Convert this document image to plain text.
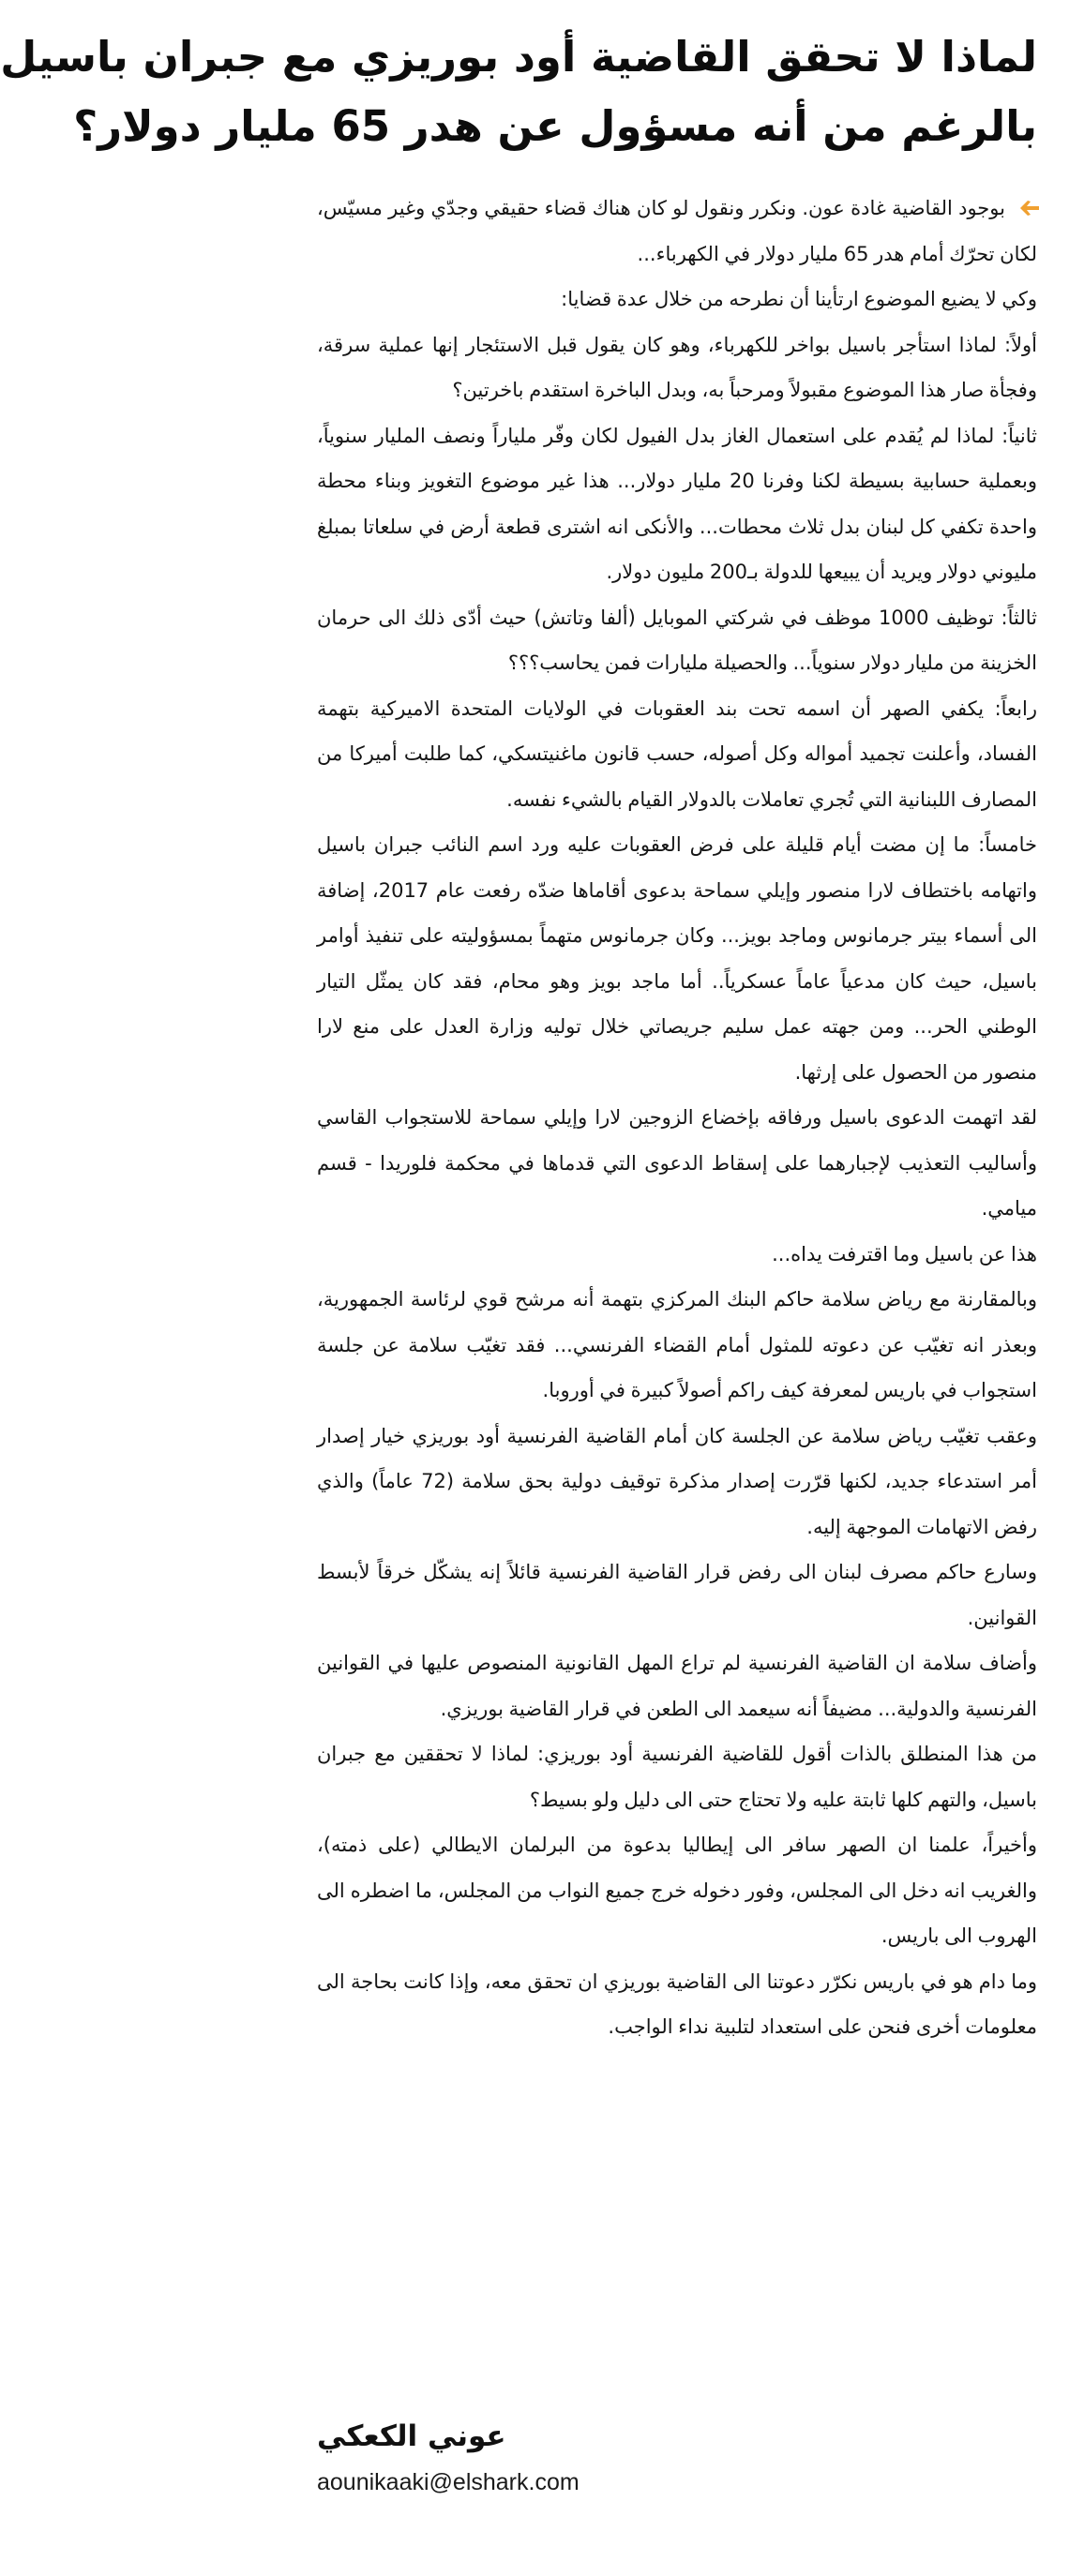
لماذا لا تحقق القاضية أود بوريزي مع جبران باسيل
بالرغم من أنه مسؤول عن هدر 65 مليار دولار؟

بوجود القاضية غادة عون. ونكرر ونقول لو كان هناك قضاء حقيقي وجدّي وغير مسيّس، لكان تحرّك أمام هدر 65 مليار دولار في الكهرباء...

وكي لا يضيع الموضوع ارتأينا أن نطرحه من خلال عدة قضايا:

أولاً: لماذا استأجر باسيل بواخر للكهرباء، وهو كان يقول قبل الاستئجار إنها عملية سرقة، وفجأة صار هذا الموضوع مقبولاً ومرحباً به، وبدل الباخرة استقدم باخرتين؟

ثانياً: لماذا لم يُقدم على استعمال الغاز بدل الفيول لكان وفّر ملياراً ونصف المليار سنوياً، وبعملية حسابية بسيطة لكنا وفرنا 20 مليار دولار... هذا غير موضوع التغويز وبناء محطة واحدة تكفي كل لبنان بدل ثلاث محطات... والأنكى انه اشترى قطعة أرض في سلعاتا بمبلغ مليوني دولار ويريد أن يبيعها للدولة بـ200 مليون دولار.

ثالثاً: توظيف 1000 موظف في شركتي الموبايل (ألفا وتاتش) حيث أدّى ذلك الى حرمان الخزينة من مليار دولار سنوياً... والحصيلة مليارات فمن يحاسب؟؟؟

رابعاً: يكفي الصهر أن اسمه تحت بند العقوبات في الولايات المتحدة الاميركية بتهمة الفساد، وأعلنت تجميد أمواله وكل أصوله، حسب قانون ماغنيتسكي، كما طلبت أميركا من المصارف اللبنانية التي تُجري تعاملات بالدولار القيام بالشيء نفسه.

خامساً: ما إن مضت أيام قليلة على فرض العقوبات عليه ورد اسم النائب جبران باسيل واتهامه باختطاف لارا منصور وإيلي سماحة بدعوى أقاماها ضدّه رفعت عام 2017، إضافة الى أسماء بيتر جرمانوس وماجد بويز... وكان جرمانوس متهماً بمسؤوليته على تنفيذ أوامر باسيل، حيث كان مدعياً عاماً عسكرياً.. أما ماجد بويز وهو محام، فقد كان يمثّل التيار الوطني الحر... ومن جهته عمل سليم جريصاتي خلال توليه وزارة العدل على منع لارا منصور من الحصول على إرثها.

لقد اتهمت الدعوى باسيل ورفاقه بإخضاع الزوجين لارا وإيلي سماحة للاستجواب القاسي وأساليب التعذيب لإجبارهما على إسقاط الدعوى التي قدماها في محكمة فلوريدا - قسم ميامي.

هذا عن باسيل وما اقترفت يداه...

وبالمقارنة مع رياض سلامة حاكم البنك المركزي بتهمة أنه مرشح قوي لرئاسة الجمهورية، وبعذر انه تغيّب عن دعوته للمثول أمام القضاء الفرنسي... فقد تغيّب سلامة عن جلسة استجواب في باريس لمعرفة كيف راكم أصولاً كبيرة في أوروبا.

وعقب تغيّب رياض سلامة عن الجلسة كان أمام القاضية الفرنسية أود بوريزي خيار إصدار أمر استدعاء جديد، لكنها قرّرت إصدار مذكرة توقيف دولية بحق سلامة (72 عاماً) والذي رفض الاتهامات الموجهة إليه.

وسارع حاكم مصرف لبنان الى رفض قرار القاضية الفرنسية قائلاً إنه يشكّل خرقاً لأبسط القوانين.

وأضاف سلامة ان القاضية الفرنسية لم تراع المهل القانونية المنصوص عليها في القوانين الفرنسية والدولية... مضيفاً أنه سيعمد الى الطعن في قرار القاضية بوريزي.

من هذا المنطلق بالذات أقول للقاضية الفرنسية أود بوريزي: لماذا لا تحققين مع جبران باسيل، والتهم كلها ثابتة عليه ولا تحتاج حتى الى دليل ولو بسيط؟

وأخيراً، علمنا ان الصهر سافر الى إيطاليا بدعوة من البرلمان الايطالي (على ذمته)، والغريب انه دخل الى المجلس، وفور دخوله خرج جميع النواب من المجلس، ما اضطره الى الهروب الى باريس.

وما دام هو في باريس نكرّر دعوتنا الى القاضية بوريزي ان تحقق معه، وإذا كانت بحاجة الى معلومات أخرى فنحن على استعداد لتلبية نداء الواجب.

عوني الكعكي
aounikaaki@elshark.com
